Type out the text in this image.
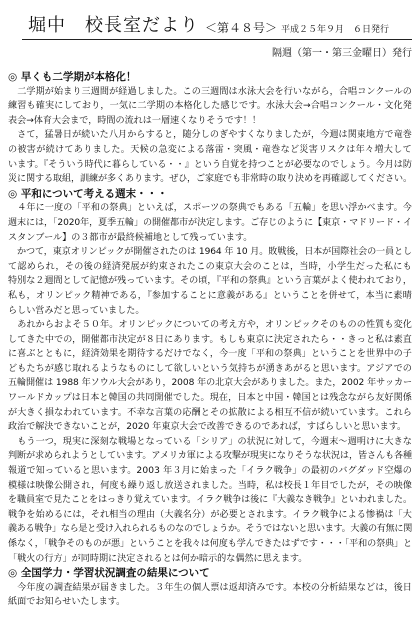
堀中　校長室だより ＜第４８号＞ 平成２５年９月　６日発行
隔週（第一・第三金曜日）発行
◎ 早くも二学期が本格化！
　二学期が始まり三週間が経過しました。この三週間は水泳大会を行いながら，合唱コンクールの
練習も確実にしており，一気に二学期の本格化した感じです。水泳大会→合唱コンクール・文化発
表会→体育大会まで，時間の流れは一層速くなりそうです！！
　さて，猛暑日が続いた八月からすると，随分しのぎやすくなりましたが，今週は関東地方で竜巻
の被害が続けてありました。天候の急変による落雷・突風・竜巻など災害リスクは年々増大して
います。『そういう時代に暮らしている・・』という自覚を持つことが必要なのでしょう。今月は防
災に関する取組，訓練が多くあります。ぜひ，ご家庭でも非常時の取り決めを再確認してください。
◎ 平和について考える週末・・・
　４年に一度の「平和の祭典」といえば，スポーツの祭典でもある「五輪」を思い浮かべます。今
週末には，「2020年，夏季五輪」の開催都市が決定します。ご存じのように【東京・マドリード・イ
スタンブール】の３都市が最終候補地として残っています。
　かつて，東京オリンピックが開催されたのは 1964 年 10 月。敗戦後，日本が国際社会の一員とし
て認められ，その後の経済発展が約束されたこの東京大会のことは，当時，小学生だった私にも
特別な２週間として記憶が残っています。その頃，『平和の祭典』という言葉がよく使われており，
私も，オリンピック精神である，『参加することに意義がある』ということを併せて，本当に素晴
らしい営みだと思っていました。
　あれからおよそ５０年。オリンピックについての考え方や，オリンピックそのものの性質も変化
してきた中での，開催都市決定が８日にあります。もしも東京に決定されたら・・きっと私は素直
に喜ぶとともに，経済効果を期待するだけでなく，今一度「平和の祭典」ということを世界中の子
どもたちが感じ取れるようなものにして欲しいという気持ちが湧きあがると思います。アジアでの
五輪開催は 1988 年ソウル大会があり，2008 年の北京大会がありました。また，2002 年サッカー
ワールドカップは日本と韓国の共同開催でした。現在，日本と中国・韓国とは残念ながら友好関係
が大きく損なわれています。不幸な言葉の応酬とその拡散による相互不信が続いています。これら
政治で解決できないことが，2020 年東京大会で改善できるのであれば，すばらしいと思います。
　もう一つ，現実に深刻な戦場となっている「シリア」の状況に対して，今週末～週明けに大きな
判断が求められようとしています。アメリカ軍による攻撃が現実になりそうな状況は，皆さんも各種
報道で知っていると思います。2003 年３月に始まった「イラク戦争」の最初のバグダッド空爆の
模様は映像公開され，何度も繰り返し放送されました。当時，私は校長１年目でしたが，その映像
を職員室で見たことをはっきり覚えています。イラク戦争は後に『大義なき戦争』といわれました。
戦争を始めるには，それ相当の理由（大義名分）が必要とされます。イラク戦争による惨禍は「大
義ある戦争」なら是と受け入れられるものなのでしょうか。そうではないと思います。大義の有無に関
係なく，「戦争そのものが悪」ということを我々は何度も学んできたはずです・・・「平和の祭典」と
「戦火の行方」が同時期に決定されるとは何か暗示的な偶然に思えます。
◎ 全国学力・学習状況調査の結果について
　今年度の調査結果が届きました。３年生の個人票は返却済みです。本校の分析結果などは，後日
紙面でお知らせいたします。
